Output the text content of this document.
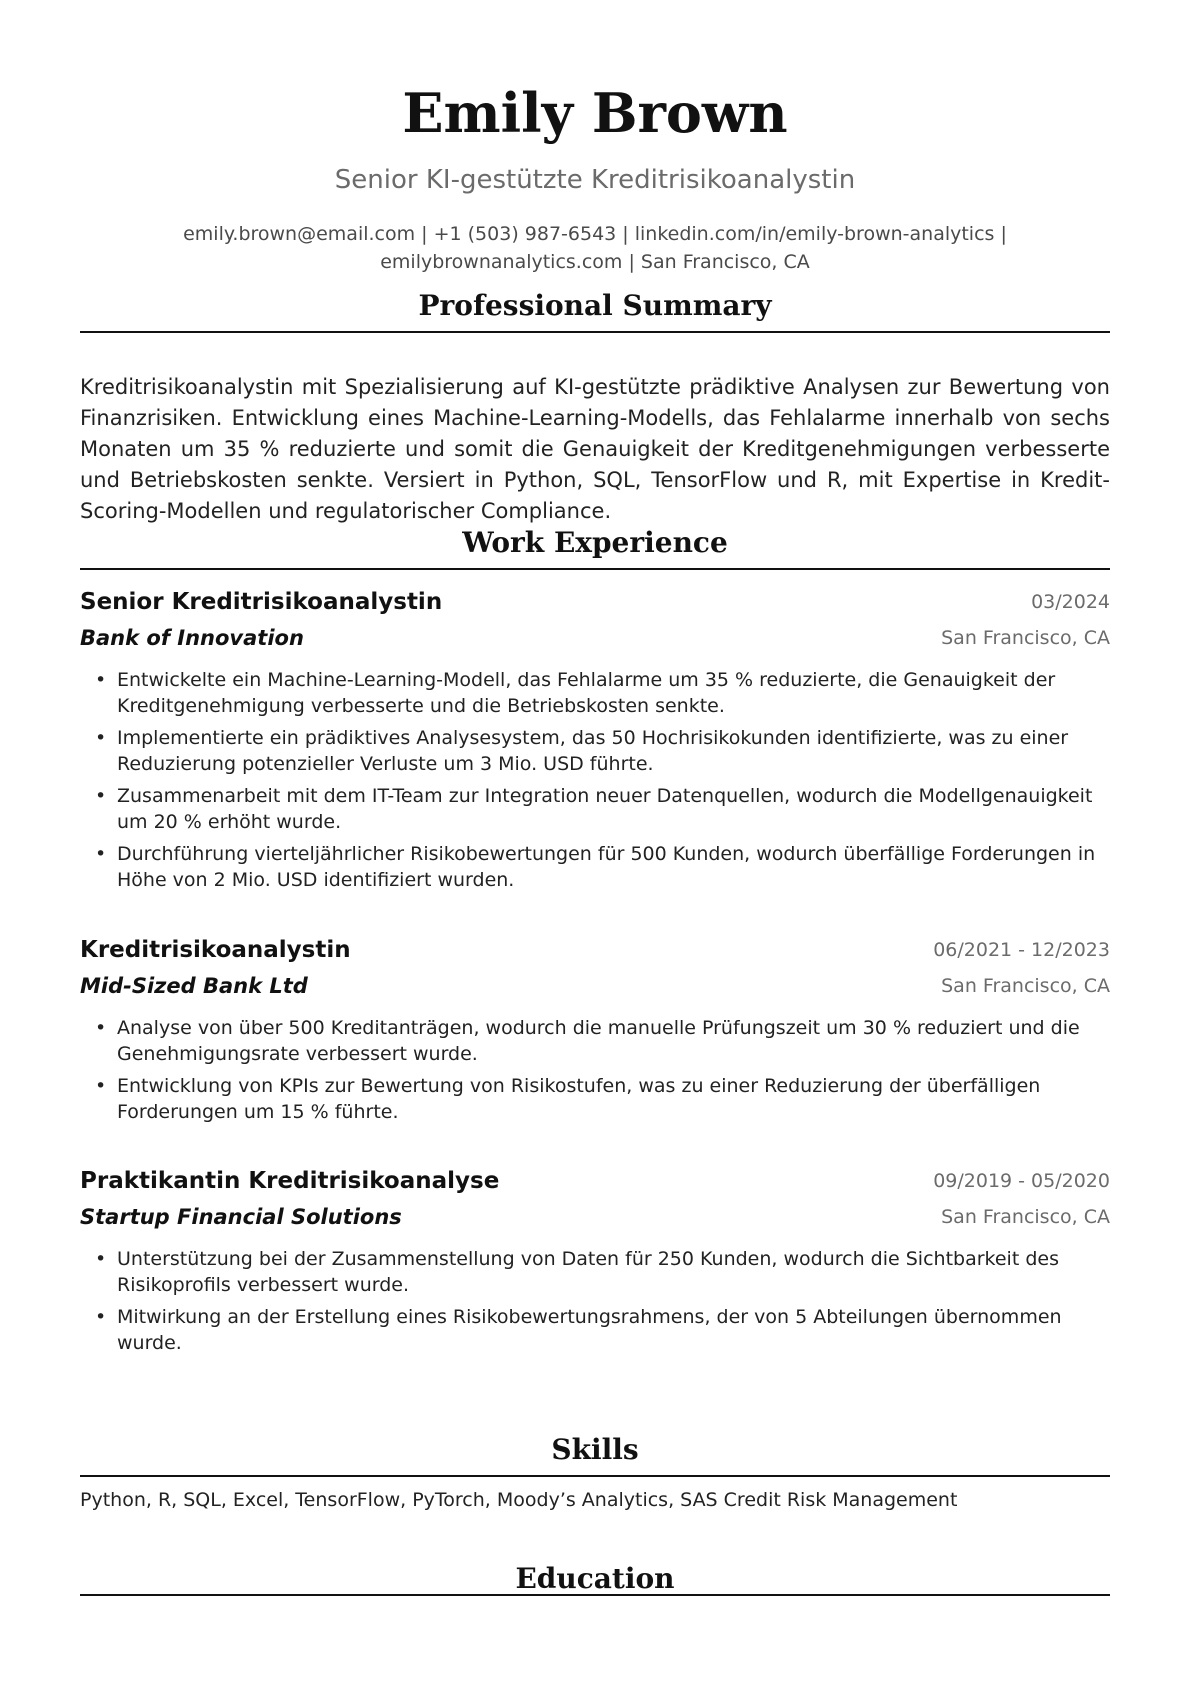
Emily Brown
Senior KI-gestützte Kreditrisikoanalystin
emily.brown@email.com | +1 (503) 987-6543 | linkedin.com/in/emily-brown-analytics |
emilybrownanalytics.com | San Francisco, CA
Professional Summary
Kreditrisikoanalystin mit Spezialisierung auf KI-gestützte prädiktive Analysen zur Bewertung von Finanzrisiken. Entwicklung eines Machine-Learning-Modells, das Fehlalarme innerhalb von sechs Monaten um 35 % reduzierte und somit die Genauigkeit der Kreditgenehmigungen verbesserte und Betriebskosten senkte. Versiert in Python, SQL, TensorFlow und R, mit Expertise in Kredit-Scoring-Modellen und regulatorischer Compliance.
Work Experience
Senior Kreditrisikoanalystin	03/2024
Bank of Innovation	San Francisco, CA
• Entwickelte ein Machine-Learning-Modell, das Fehlalarme um 35 % reduzierte, die Genauigkeit der Kreditgenehmigung verbesserte und die Betriebskosten senkte.
• Implementierte ein prädiktives Analysesystem, das 50 Hochrisikokunden identifizierte, was zu einer Reduzierung potenzieller Verluste um 3 Mio. USD führte.
• Zusammenarbeit mit dem IT-Team zur Integration neuer Datenquellen, wodurch die Modellgenauigkeit um 20 % erhöht wurde.
• Durchführung vierteljährlicher Risikobewertungen für 500 Kunden, wodurch überfällige Forderungen in Höhe von 2 Mio. USD identifiziert wurden.
Kreditrisikoanalystin	06/2021 - 12/2023
Mid-Sized Bank Ltd	San Francisco, CA
• Analyse von über 500 Kreditanträgen, wodurch die manuelle Prüfungszeit um 30 % reduziert und die Genehmigungsrate verbessert wurde.
• Entwicklung von KPIs zur Bewertung von Risikostufen, was zu einer Reduzierung der überfälligen Forderungen um 15 % führte.
Praktikantin Kreditrisikoanalyse	09/2019 - 05/2020
Startup Financial Solutions	San Francisco, CA
• Unterstützung bei der Zusammenstellung von Daten für 250 Kunden, wodurch die Sichtbarkeit des Risikoprofils verbessert wurde.
• Mitwirkung an der Erstellung eines Risikobewertungsrahmens, der von 5 Abteilungen übernommen wurde.
Skills
Python, R, SQL, Excel, TensorFlow, PyTorch, Moody’s Analytics, SAS Credit Risk Management
Education
